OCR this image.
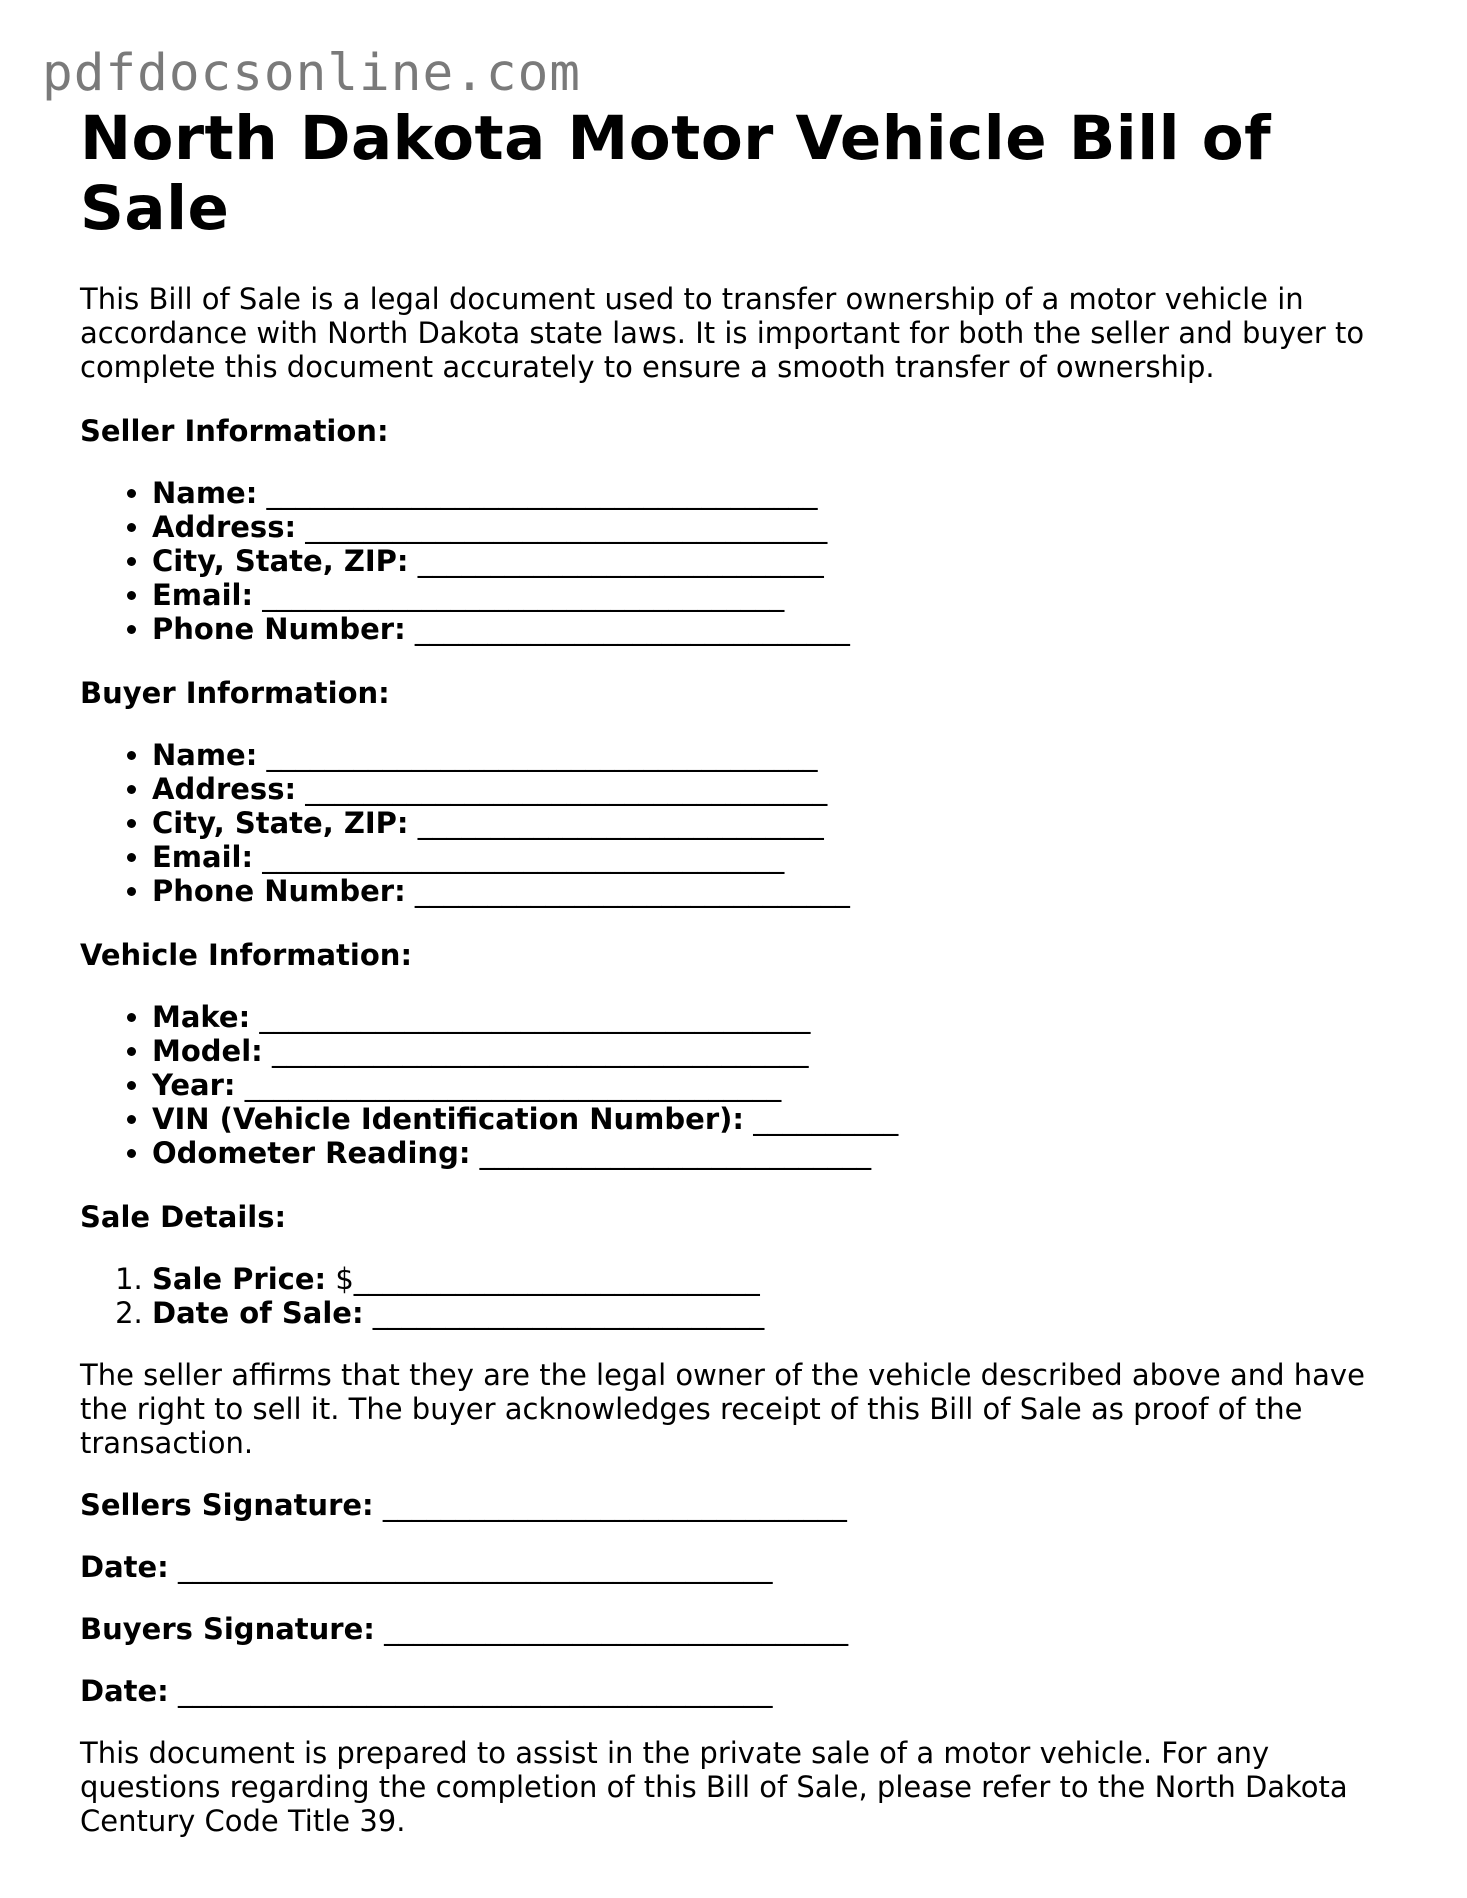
pdfdocsonline.com
North Dakota Motor Vehicle Bill of Sale

This Bill of Sale is a legal document used to transfer ownership of a motor vehicle in accordance with North Dakota state laws. It is important for both the seller and buyer to complete this document accurately to ensure a smooth transfer of ownership.

Seller Information:
• Name: ______________________________________
• Address: ____________________________________
• City, State, ZIP: ____________________________
• Email: ____________________________________
• Phone Number: ______________________________
Buyer Information:
• Name: ______________________________________
• Address: ____________________________________
• City, State, ZIP: ____________________________
• Email: ____________________________________
• Phone Number: ______________________________
Vehicle Information:
• Make: ______________________________________
• Model: _____________________________________
• Year: _____________________________________
• VIN (Vehicle Identification Number): __________
• Odometer Reading: ___________________________
Sale Details:
1. Sale Price: $____________________________
2. Date of Sale: ___________________________

The seller affirms that they are the legal owner of the vehicle described above and have the right to sell it. The buyer acknowledges receipt of this Bill of Sale as proof of the transaction.

Sellers Signature: ________________________________
Date: _________________________________________
Buyers Signature: ________________________________
Date: _________________________________________

This document is prepared to assist in the private sale of a motor vehicle. For any questions regarding the completion of this Bill of Sale, please refer to the North Dakota Century Code Title 39.
